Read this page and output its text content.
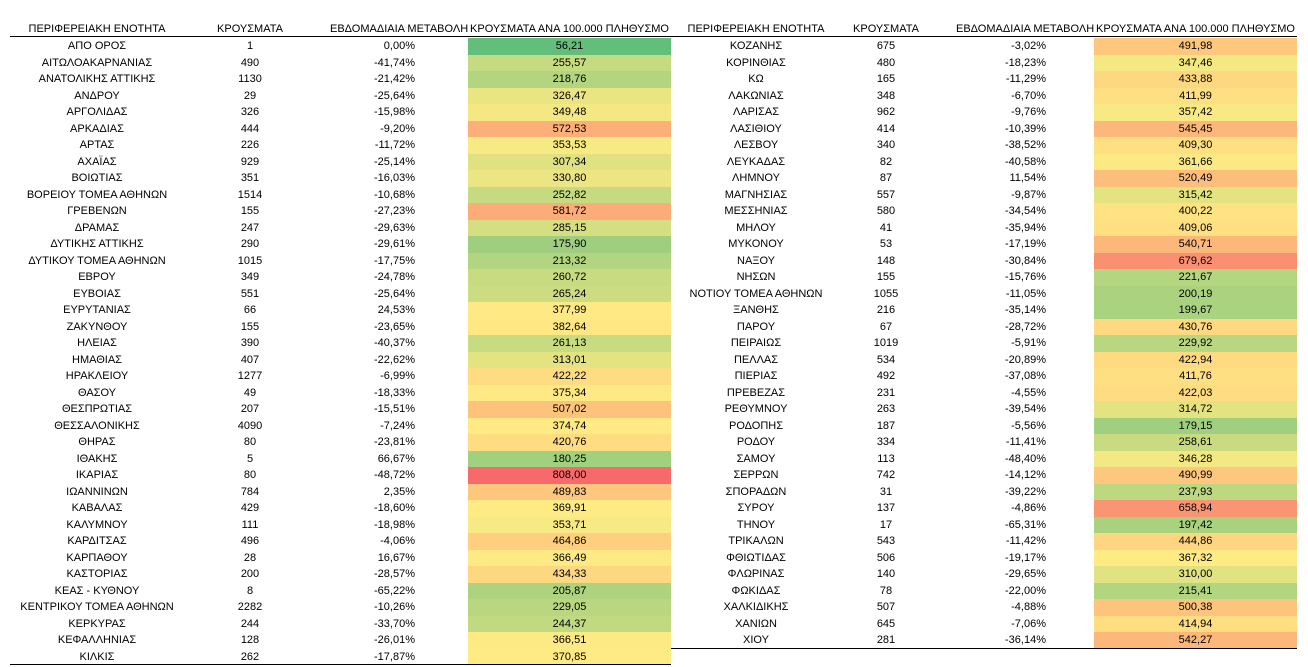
ΠΕΡΙΦΕΡΕΙΑΚΗ ΕΝΟΤΗΤΑ	ΚΡΟΥΣΜΑΤΑ	ΕΒΔΟΜΑΔΙΑΙΑ ΜΕΤΑΒΟΛΗ ΚΡΟΥΣΜΑΤΑ ΑΝΑ 100.000 ΠΛΗΘΥΣΜΟ	ΠΕΡΙΦΕΡΕΙΑΚΗ ΕΝΟΤΗΤΑ	ΚΡΟΥΣΜΑΤΑ	ΕΒΔΟΜΑΔΙΑΙΑ ΜΕΤΑΒΟΛΗ ΚΡΟΥΣΜΑΤΑ ΑΝΑ 100.000 ΠΛΗΘΥΣΜΟ
ΑΠΟ ΟΡΟΣ	1	0,00%	56,21
ΑΙΤΩΛΟΑΚΑΡΝΑΝΙΑΣ	490	-41,74%	255,57
ΑΝΑΤΟΛΙΚΗΣ ΑΤΤΙΚΗΣ	1130	-21,42%	218,76
ΑΝΔΡΟΥ	29	-25,64%	326,47
ΑΡΓΟΛΙΔΑΣ	326	-15,98%	349,48
ΑΡΚΑΔΙΑΣ	444	-9,20%	572,53
ΑΡΤΑΣ	226	-11,72%	353,53
ΑΧΑΪΑΣ	929	-25,14%	307,34
ΒΟΙΩΤΙΑΣ	351	-16,03%	330,80
ΒΟΡΕΙΟΥ ΤΟΜΕΑ ΑΘΗΝΩΝ	1514	-10,68%	252,82
ΓΡΕΒΕΝΩΝ	155	-27,23%	581,72
ΔΡΑΜΑΣ	247	-29,63%	285,15
ΔΥΤΙΚΗΣ ΑΤΤΙΚΗΣ	290	-29,61%	175,90
ΔΥΤΙΚΟΥ ΤΟΜΕΑ ΑΘΗΝΩΝ	1015	-17,75%	213,32
ΕΒΡΟΥ	349	-24,78%	260,72
ΕΥΒΟΙΑΣ	551	-25,64%	265,24
ΕΥΡΥΤΑΝΙΑΣ	66	24,53%	377,99
ΖΑΚΥΝΘΟΥ	155	-23,65%	382,64
ΗΛΕΙΑΣ	390	-40,37%	261,13
ΗΜΑΘΙΑΣ	407	-22,62%	313,01
ΗΡΑΚΛΕΙΟΥ	1277	-6,99%	422,22
ΘΑΣΟΥ	49	-18,33%	375,34
ΘΕΣΠΡΩΤΙΑΣ	207	-15,51%	507,02
ΘΕΣΣΑΛΟΝΙΚΗΣ	4090	-7,24%	374,74
ΘΗΡΑΣ	80	-23,81%	420,76
ΙΘΑΚΗΣ	5	66,67%	180,25
ΙΚΑΡΙΑΣ	80	-48,72%	808,00
ΙΩΑΝΝΙΝΩΝ	784	2,35%	489,83
ΚΑΒΑΛΑΣ	429	-18,60%	369,91
ΚΑΛΥΜΝΟΥ	111	-18,98%	353,71
ΚΑΡΔΙΤΣΑΣ	496	-4,06%	464,86
ΚΑΡΠΑΘΟΥ	28	16,67%	366,49
ΚΑΣΤΟΡΙΑΣ	200	-28,57%	434,33
ΚΕΑΣ - ΚΥΘΝΟΥ	8	-65,22%	205,87
ΚΕΝΤΡΙΚΟΥ ΤΟΜΕΑ ΑΘΗΝΩΝ	2282	-10,26%	229,05
ΚΕΡΚΥΡΑΣ	244	-33,70%	244,37
ΚΕΦΑΛΛΗΝΙΑΣ	128	-26,01%	366,51
ΚΙΛΚΙΣ	262	-17,87%	370,85
ΚΟΖΑΝΗΣ	675	-3,02%	491,98
ΚΟΡΙΝΘΙΑΣ	480	-18,23%	347,46
ΚΩ	165	-11,29%	433,88
ΛΑΚΩΝΙΑΣ	348	-6,70%	411,99
ΛΑΡΙΣΑΣ	962	-9,76%	357,42
ΛΑΣΙΘΙΟΥ	414	-10,39%	545,45
ΛΕΣΒΟΥ	340	-38,52%	409,30
ΛΕΥΚΑΔΑΣ	82	-40,58%	361,66
ΛΗΜΝΟΥ	87	11,54%	520,49
ΜΑΓΝΗΣΙΑΣ	557	-9,87%	315,42
ΜΕΣΣΗΝΙΑΣ	580	-34,54%	400,22
ΜΗΛΟΥ	41	-35,94%	409,06
ΜΥΚΟΝΟΥ	53	-17,19%	540,71
ΝΑΞΟΥ	148	-30,84%	679,62
ΝΗΣΩΝ	155	-15,76%	221,67
ΝΟΤΙΟΥ ΤΟΜΕΑ ΑΘΗΝΩΝ	1055	-11,05%	200,19
ΞΑΝΘΗΣ	216	-35,14%	199,67
ΠΑΡΟΥ	67	-28,72%	430,76
ΠΕΙΡΑΙΩΣ	1019	-5,91%	229,92
ΠΕΛΛΑΣ	534	-20,89%	422,94
ΠΙΕΡΙΑΣ	492	-37,08%	411,76
ΠΡΕΒΕΖΑΣ	231	-4,55%	422,03
ΡΕΘΥΜΝΟΥ	263	-39,54%	314,72
ΡΟΔΟΠΗΣ	187	-5,56%	179,15
ΡΟΔΟΥ	334	-11,41%	258,61
ΣΑΜΟΥ	113	-48,40%	346,28
ΣΕΡΡΩΝ	742	-14,12%	490,99
ΣΠΟΡΑΔΩΝ	31	-39,22%	237,93
ΣΥΡΟΥ	137	-4,86%	658,94
ΤΗΝΟΥ	17	-65,31%	197,42
ΤΡΙΚΑΛΩΝ	543	-11,42%	444,86
ΦΘΙΩΤΙΔΑΣ	506	-19,17%	367,32
ΦΛΩΡΙΝΑΣ	140	-29,65%	310,00
ΦΩΚΙΔΑΣ	78	-22,00%	215,41
ΧΑΛΚΙΔΙΚΗΣ	507	-4,88%	500,38
ΧΑΝΙΩΝ	645	-7,06%	414,94
ΧΙΟΥ	281	-36,14%	542,27
